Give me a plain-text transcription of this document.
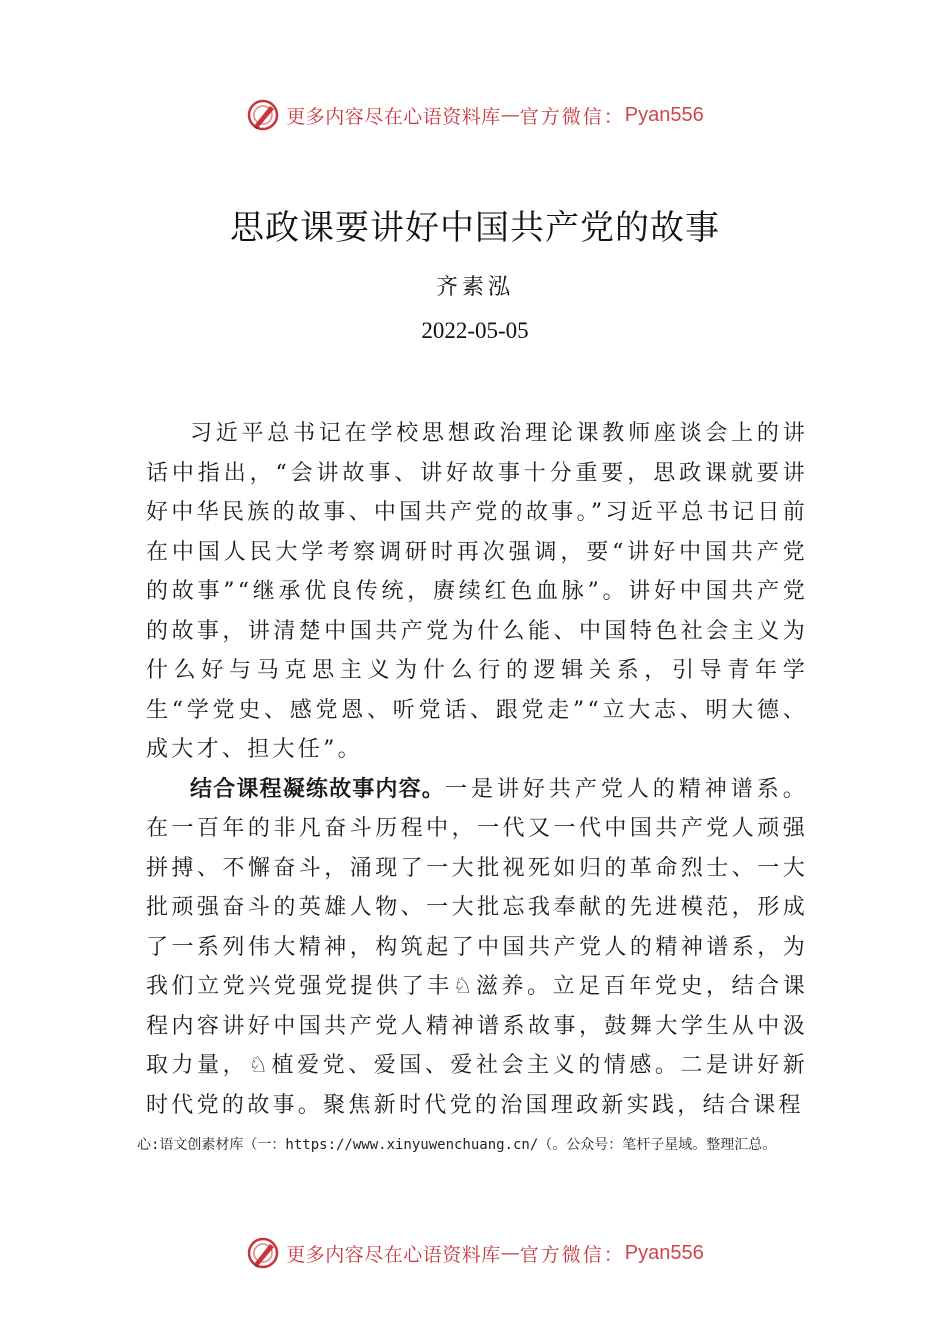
更多内容尽在心语资料库 — 官方微信： Pyan556
思政课要讲好中国共产党的故事
齐素泓
2022-05-05

习近平总书记在学校思想政治理论课教师座谈会上的讲话中指出，“会讲故事、讲好故事十分重要，思政课就要讲好中华民族的故事、中国共产党的故事。”习近平总书记日前在中国人民大学考察调研时再次强调，要“讲好中国共产党的故事”“继承优良传统，赓续红色血脉”。讲好中国共产党的故事，讲清楚中国共产党为什么能、中国特色社会主义为什么好与马克思主义为什么行的逻辑关系，引导青年学生“学党史、感党恩、听党话、跟党走”“立大志、明大德、成大才、担大任”。

结合课程凝练故事内容。一是讲好共产党人的精神谱系。在一百年的非凡奋斗历程中，一代又一代中国共产党人顽强拼搏、不懈奋斗，涌现了一大批视死如归的革命烈士、一大批顽强奋斗的英雄人物、一大批忘我奉献的先进模范，形成了一系列伟大精神，构筑起了中国共产党人的精神谱系，为我们立党兴党强党提供了丰♘滋养。立足百年党史，结合课程内容讲好中国共产党人精神谱系故事，鼓舞大学生从中汲取力量，♘植爱党、爱国、爱社会主义的情感。二是讲好新时代党的故事。聚焦新时代党的治国理政新实践，结合课程

心:语文创素材库（一：https://www.xinyuwenchuang.cn/（。公众号：笔杆子星域。整理汇总。
更多内容尽在心语资料库 — 官方微信： Pyan556
